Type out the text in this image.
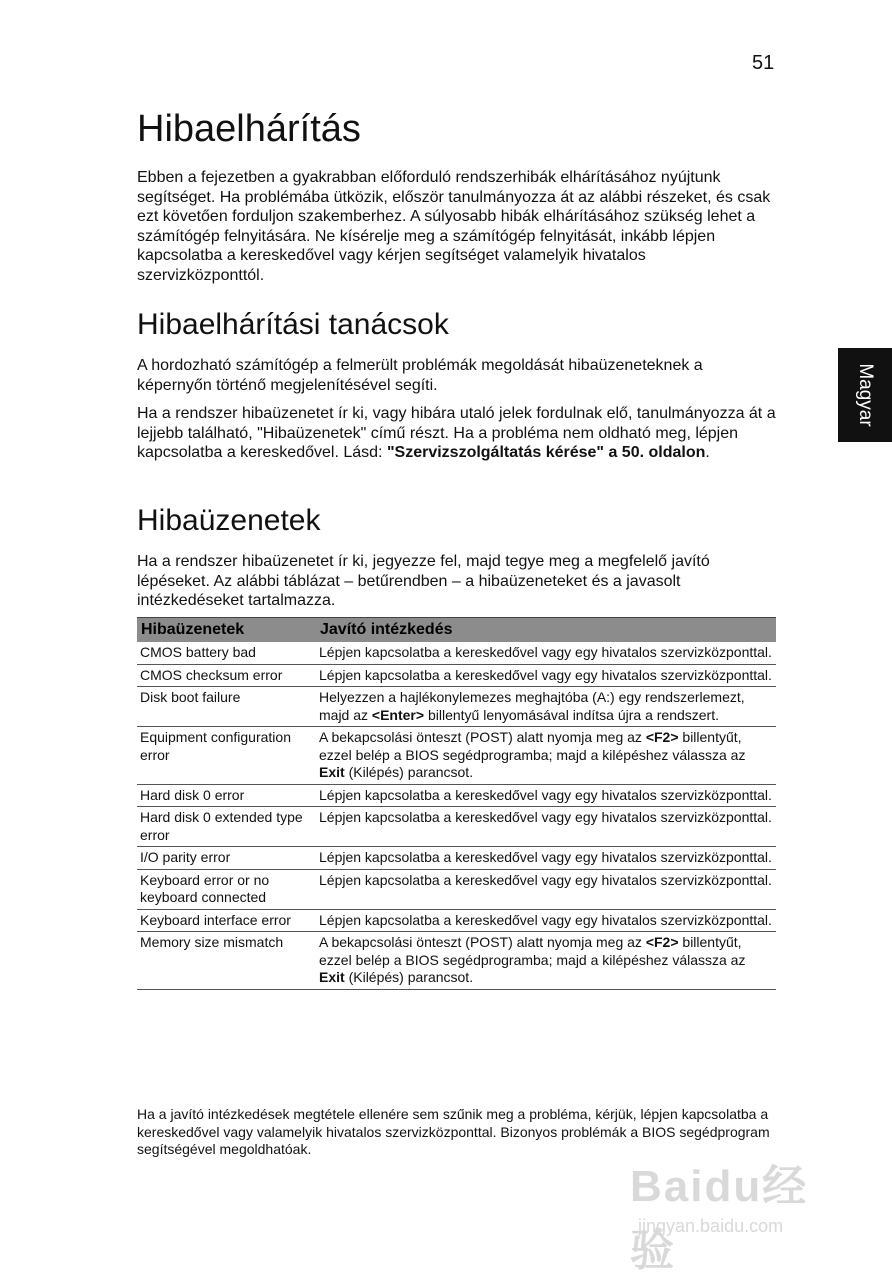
51
Magyar
Hibaelhárítás

Ebben a fejezetben a gyakrabban előforduló rendszerhibák elhárításához nyújtunk segítséget. Ha problémába ütközik, először tanulmányozza át az alábbi részeket, és csak ezt követően forduljon szakemberhez. A súlyosabb hibák elhárításához szükség lehet a számítógép felnyitására. Ne kísérelje meg a számítógép felnyitását, inkább lépjen kapcsolatba a kereskedővel vagy kérjen segítséget valamelyik hivatalos szervizközponttól.

Hibaelhárítási tanácsok

A hordozható számítógép a felmerült problémák megoldását hibaüzeneteknek a képernyőn történő megjelenítésével segíti.

Ha a rendszer hibaüzenetet ír ki, vagy hibára utaló jelek fordulnak elő, tanulmányozza át a lejjebb található, "Hibaüzenetek" című részt. Ha a probléma nem oldható meg, lépjen kapcsolatba a kereskedővel. Lásd: "Szervizszolgáltatás kérése" a 50. oldalon.

Hibaüzenetek

Ha a rendszer hibaüzenetet ír ki, jegyezze fel, majd tegye meg a megfelelő javító lépéseket. Az alábbi táblázat – betűrendben – a hibaüzeneteket és a javasolt intézkedéseket tartalmazza.

Hibaüzenetek	Javító intézkedés
CMOS battery bad	Lépjen kapcsolatba a kereskedővel vagy egy hivatalos szervizközponttal.
CMOS checksum error	Lépjen kapcsolatba a kereskedővel vagy egy hivatalos szervizközponttal.
Disk boot failure	Helyezzen a hajlékonylemezes meghajtóba (A:) egy rendszerlemezt, majd az <Enter> billentyű lenyomásával indítsa újra a rendszert.
Equipment configuration error	A bekapcsolási önteszt (POST) alatt nyomja meg az <F2> billentyűt, ezzel belép a BIOS segédprogramba; majd a kilépéshez válassza az Exit (Kilépés) parancsot.
Hard disk 0 error	Lépjen kapcsolatba a kereskedővel vagy egy hivatalos szervizközponttal.
Hard disk 0 extended type error	Lépjen kapcsolatba a kereskedővel vagy egy hivatalos szervizközponttal.
I/O parity error	Lépjen kapcsolatba a kereskedővel vagy egy hivatalos szervizközponttal.
Keyboard error or no keyboard connected	Lépjen kapcsolatba a kereskedővel vagy egy hivatalos szervizközponttal.
Keyboard interface error	Lépjen kapcsolatba a kereskedővel vagy egy hivatalos szervizközponttal.
Memory size mismatch	A bekapcsolási önteszt (POST) alatt nyomja meg az <F2> billentyűt, ezzel belép a BIOS segédprogramba; majd a kilépéshez válassza az Exit (Kilépés) parancsot.

Ha a javító intézkedések megtétele ellenére sem szűnik meg a probléma, kérjük, lépjen kapcsolatba a kereskedővel vagy valamelyik hivatalos szervizközponttal. Bizonyos problémák a BIOS segédprogram segítségével megoldhatóak.

Baidu经验
jingyan.baidu.com
